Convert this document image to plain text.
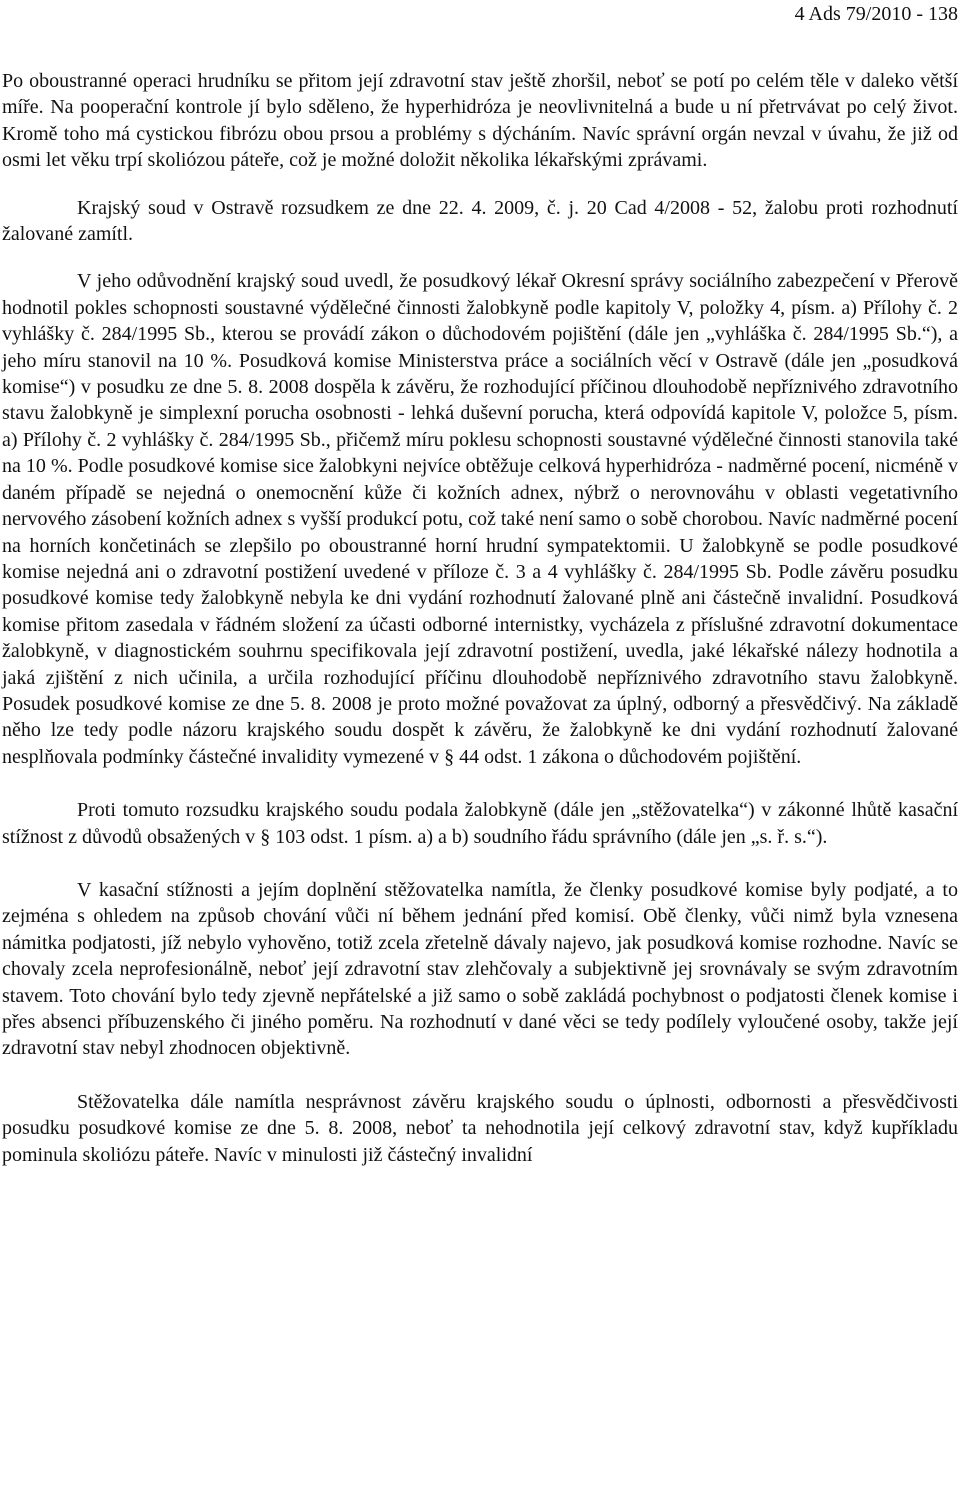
4 Ads 79/2010 - 138

Po oboustranné operaci hrudníku se přitom její zdravotní stav ještě zhoršil, neboť se potí po celém těle v daleko větší míře. Na pooperační kontrole jí bylo sděleno, že hyperhidróza je neovlivnitelná a bude u ní přetrvávat po celý život. Kromě toho má cystickou fibrózu obou prsou a problémy s dýcháním. Navíc správní orgán nevzal v úvahu, že již od osmi let věku trpí skoliózou páteře, což je možné doložit několika lékařskými zprávami.

Krajský soud v Ostravě rozsudkem ze dne 22. 4. 2009, č. j. 20 Cad 4/2008 - 52, žalobu proti rozhodnutí žalované zamítl.

V jeho odůvodnění krajský soud uvedl, že posudkový lékař Okresní správy sociálního zabezpečení v Přerově hodnotil pokles schopnosti soustavné výdělečné činnosti žalobkyně podle kapitoly V, položky 4, písm. a) Přílohy č. 2 vyhlášky č. 284/1995 Sb., kterou se provádí zákon o důchodovém pojištění (dále jen „vyhláška č. 284/1995 Sb.“), a jeho míru stanovil na 10 %. Posudková komise Ministerstva práce a sociálních věcí v Ostravě (dále jen „posudková komise“) v posudku ze dne 5. 8. 2008 dospěla k závěru, že rozhodující příčinou dlouhodobě nepříznivého zdravotního stavu žalobkyně je simplexní porucha osobnosti - lehká duševní porucha, která odpovídá kapitole V, položce 5, písm. a) Přílohy č. 2 vyhlášky č. 284/1995 Sb., přičemž míru poklesu schopnosti soustavné výdělečné činnosti stanovila také na 10 %. Podle posudkové komise sice žalobkyni nejvíce obtěžuje celková hyperhidróza - nadměrné pocení, nicméně v daném případě se nejedná o onemocnění kůže či kožních adnex, nýbrž o nerovnováhu v oblasti vegetativního nervového zásobení kožních adnex s vyšší produkcí potu, což také není samo o sobě chorobou. Navíc nadměrné pocení na horních končetinách se zlepšilo po oboustranné horní hrudní sympatektomii. U žalobkyně se podle posudkové komise nejedná ani o zdravotní postižení uvedené v příloze č. 3 a 4 vyhlášky č. 284/1995 Sb. Podle závěru posudku posudkové komise tedy žalobkyně nebyla ke dni vydání rozhodnutí žalované plně ani částečně invalidní. Posudková komise přitom zasedala v řádném složení za účasti odborné internistky, vycházela z příslušné zdravotní dokumentace žalobkyně, v diagnostickém souhrnu specifikovala její zdravotní postižení, uvedla, jaké lékařské nálezy hodnotila a jaká zjištění z nich učinila, a určila rozhodující příčinu dlouhodobě nepříznivého zdravotního stavu žalobkyně. Posudek posudkové komise ze dne 5. 8. 2008 je proto možné považovat za úplný, odborný a přesvědčivý. Na základě něho lze tedy podle názoru krajského soudu dospět k závěru, že žalobkyně ke dni vydání rozhodnutí žalované nesplňovala podmínky částečné invalidity vymezené v § 44 odst. 1 zákona o důchodovém pojištění.

Proti tomuto rozsudku krajského soudu podala žalobkyně (dále jen „stěžovatelka“) v zákonné lhůtě kasační stížnost z důvodů obsažených v § 103 odst. 1 písm. a) a b) soudního řádu správního (dále jen „s. ř. s.“).

V kasační stížnosti a jejím doplnění stěžovatelka namítla, že členky posudkové komise byly podjaté, a to zejména s ohledem na způsob chování vůči ní během jednání před komisí. Obě členky, vůči nimž byla vznesena námitka podjatosti, jíž nebylo vyhověno, totiž zcela zřetelně dávaly najevo, jak posudková komise rozhodne. Navíc se chovaly zcela neprofesionálně, neboť její zdravotní stav zlehčovaly a subjektivně jej srovnávaly se svým zdravotním stavem. Toto chování bylo tedy zjevně nepřátelské a již samo o sobě zakládá pochybnost o podjatosti členek komise i přes absenci příbuzenského či jiného poměru. Na rozhodnutí v dané věci se tedy podílely vyloučené osoby, takže její zdravotní stav nebyl zhodnocen objektivně.

Stěžovatelka dále namítla nesprávnost závěru krajského soudu o úplnosti, odbornosti a přesvědčivosti posudku posudkové komise ze dne 5. 8. 2008, neboť ta nehodnotila její celkový zdravotní stav, když kupříkladu pominula skoliózu páteře. Navíc v minulosti již částečný invalidní
